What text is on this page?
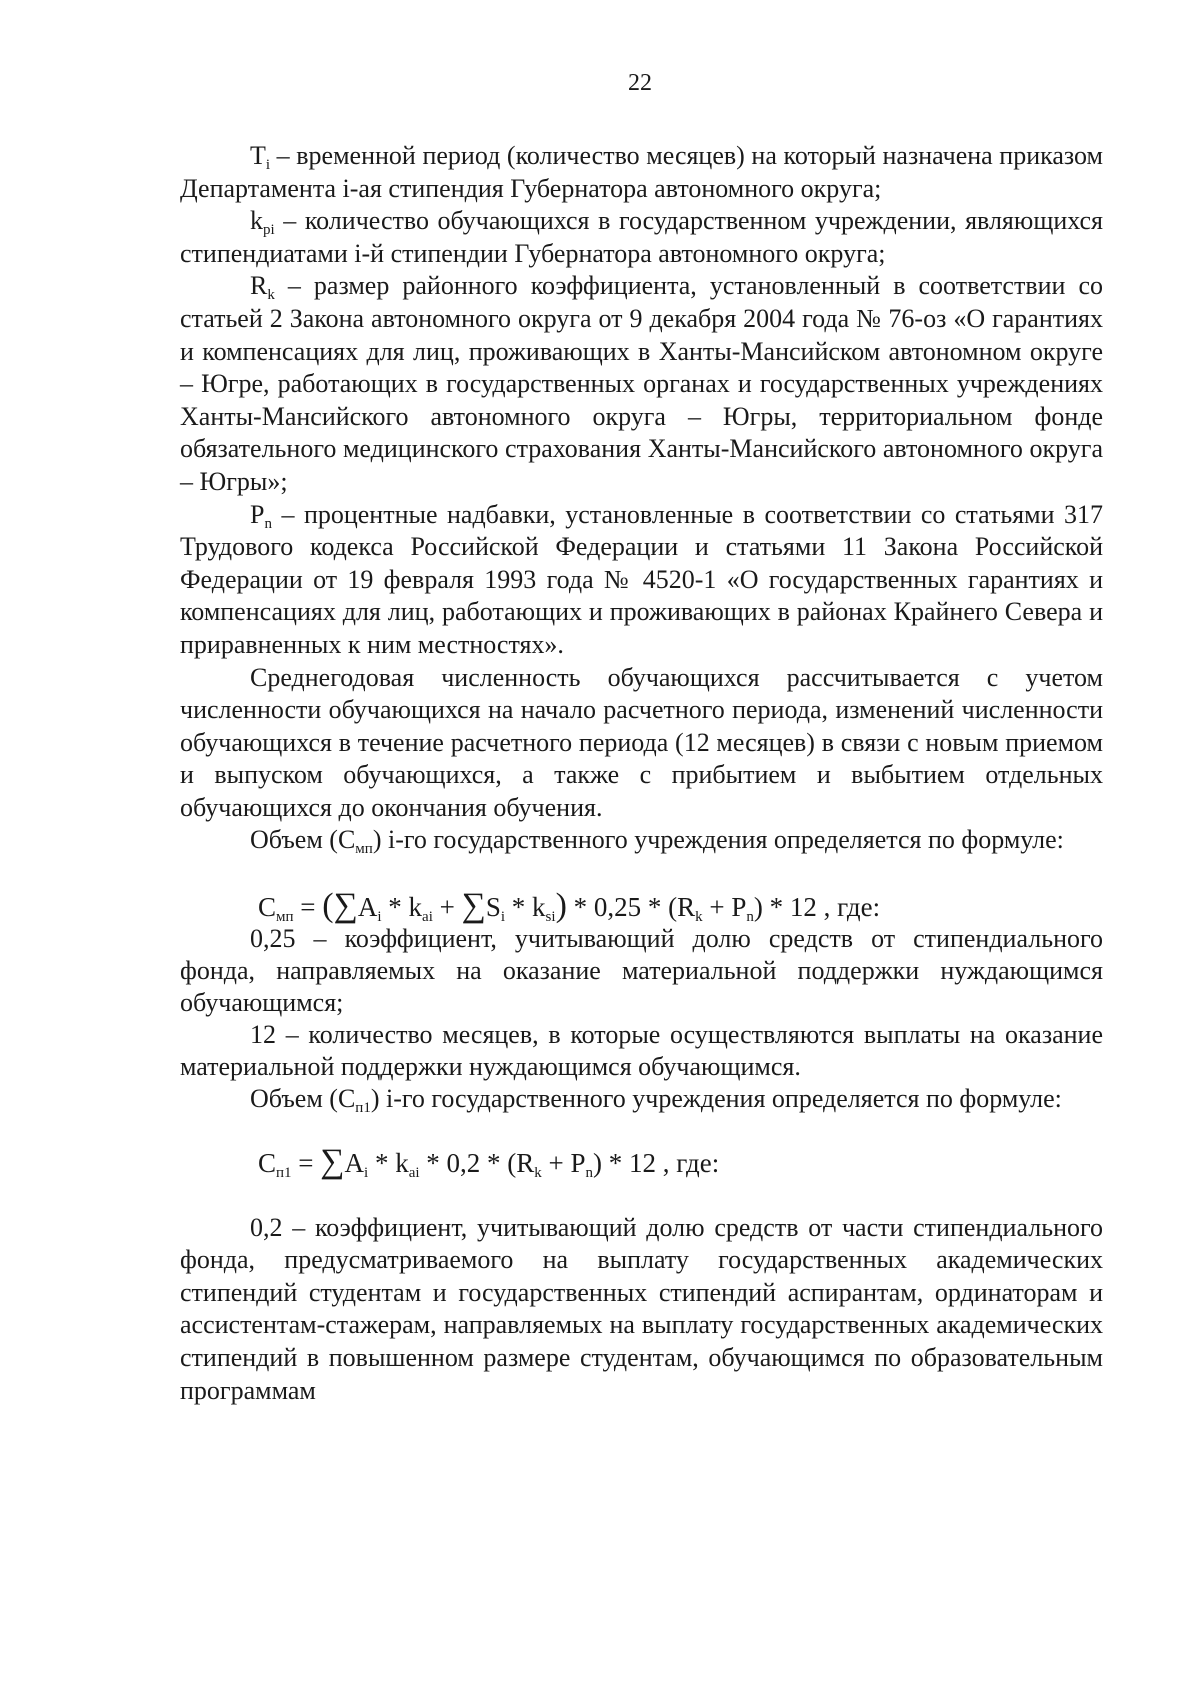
22

$T_i$ – временной период (количество месяцев) на который назначена приказом Департамента i-ая стипендия Губернатора автономного округа;

$k_{pi}$ – количество обучающихся в государственном учреждении, являющихся стипендиатами i-й стипендии Губернатора автономного округа;

$R_k$ – размер районного коэффициента, установленный в соответствии со статьей 2 Закона автономного округа от 9 декабря 2004 года № 76-оз «О гарантиях и компенсациях для лиц, проживающих в Ханты-Мансийском автономном округе – Югре, работающих в государственных органах и государственных учреждениях Ханты-Мансийского автономного округа – Югры, территориальном фонде обязательного медицинского страхования Ханты-Мансийского автономного округа – Югры»;

$P_n$ – процентные надбавки, установленные в соответствии со статьями 317 Трудового кодекса Российской Федерации и статьями 11 Закона Российской Федерации от 19 февраля 1993 года № 4520-1 «О государственных гарантиях и компенсациях для лиц, работающих и проживающих в районах Крайнего Севера и приравненных к ним местностях».

Среднегодовая численность обучающихся рассчитывается с учетом численности обучающихся на начало расчетного периода, изменений численности обучающихся в течение расчетного периода (12 месяцев) в связи с новым приемом и выпуском обучающихся, а также с прибытием и выбытием отдельных обучающихся до окончания обучения.

Объем $(С_{мп})$ i-го государственного учреждения определяется по формуле:

$С_{мп} = (\sum A_i * k_{ai} + \sum S_i * k_{si}) * 0,25 * (R_k + P_n) * 12$ , где:

0,25 – коэффициент, учитывающий долю средств от стипендиального фонда, направляемых на оказание материальной поддержки нуждающимся обучающимся;

12 – количество месяцев, в которые осуществляются выплаты на оказание материальной поддержки нуждающимся обучающимся.

Объем $(С_{п1})$ i-го государственного учреждения определяется по формуле:

$С_{п1} = \sum A_i * k_{ai} * 0,2 * (R_k + P_n) * 12$ , где:

0,2 – коэффициент, учитывающий долю средств от части стипендиального фонда, предусматриваемого на выплату государственных академических стипендий студентам и государственных стипендий аспирантам, ординаторам и ассистентам-стажерам, направляемых на выплату государственных академических стипендий в повышенном размере студентам, обучающимся по образовательным программам
